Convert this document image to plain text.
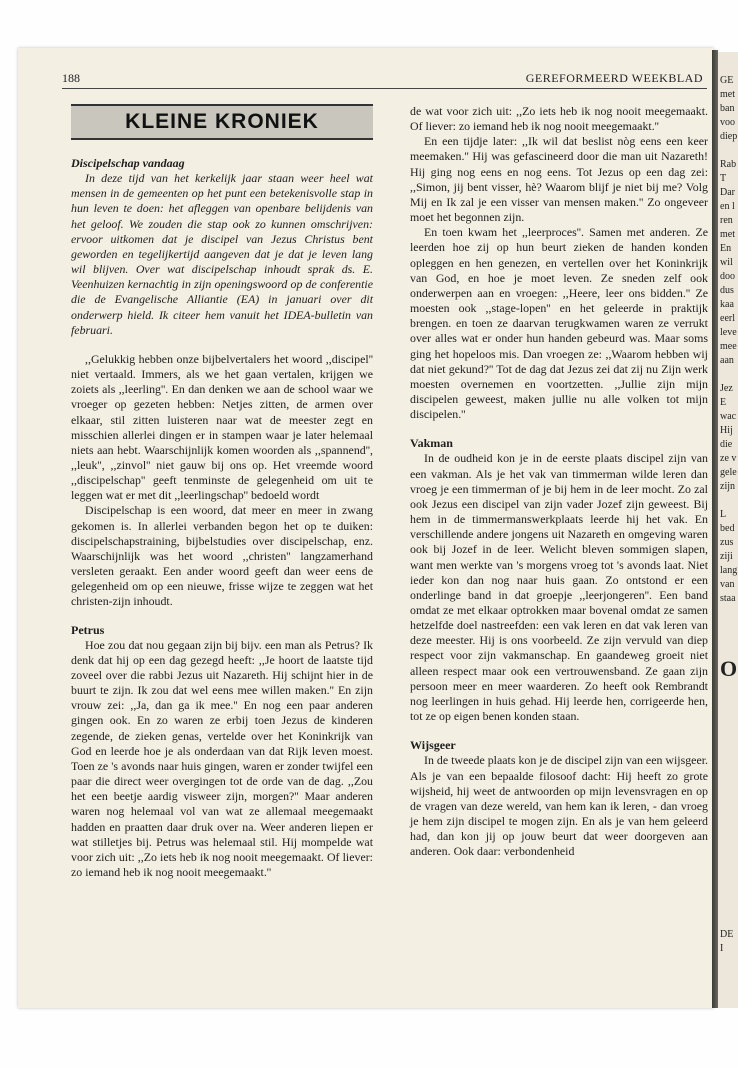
GE
met
ban
voo
diep
Rab
T
Dar
en l
ren
met
En
wil
doo
dus
kaa
eerl
leve
mee
aan
Jez
E
wac
Hij
die
ze v
gele
zijn
L
bed
zus
ziji
lang
van
staa
O
DE
I
188	GEREFORMEERD WEEKBLAD
KLEINE KRONIEK
Discipelschap vandaag

In deze tijd van het kerkelijk jaar staan weer heel wat mensen in de gemeenten op het punt een betekenisvolle stap in hun leven te doen: het afleggen van openbare belijdenis van het geloof. We zouden die stap ook zo kunnen omschrijven: ervoor uitkomen dat je discipel van Jezus Christus bent geworden en tegelijkertijd aangeven dat je dat je leven lang wil blijven. Over wat discipelschap inhoudt sprak ds. E. Veenhuizen kernachtig in zijn openingswoord op de conferentie die de Evangelische Alliantie (EA) in januari over dit onderwerp hield. Ik citeer hem vanuit het IDEA-bulletin van februari.

,,Gelukkig hebben onze bijbelvertalers het woord ,,discipel'' niet vertaald. Immers, als we het gaan vertalen, krijgen we zoiets als ,,leerling''. En dan denken we aan de school waar we vroeger op gezeten hebben: Netjes zitten, de armen over elkaar, stil zitten luisteren naar wat de meester zegt en misschien allerlei dingen er in stampen waar je later helemaal niets aan hebt. Waarschijnlijk komen woorden als ,,spannend'', ,,leuk'', ,,zinvol'' niet gauw bij ons op. Het vreemde woord ,,discipelschap'' geeft tenminste de gelegenheid om uit te leggen wat er met dit ,,leerlingschap'' bedoeld wordt

Discipelschap is een woord, dat meer en meer in zwang gekomen is. In allerlei verbanden begon het op te duiken: discipelschapstraining, bijbelstudies over discipelschap, enz. Waarschijnlijk was het woord ,,christen'' langzamerhand versleten geraakt. Een ander woord geeft dan weer eens de gelegenheid om op een nieuwe, frisse wijze te zeggen wat het christen-zijn inhoudt.

Petrus

Hoe zou dat nou gegaan zijn bij bijv. een man als Petrus? Ik denk dat hij op een dag gezegd heeft: ,,Je hoort de laatste tijd zoveel over die rabbi Jezus uit Nazareth. Hij schijnt hier in de buurt te zijn. Ik zou dat wel eens mee willen maken.'' En zijn vrouw zei: ,,Ja, dan ga ik mee.'' En nog een paar anderen gingen ook. En zo waren ze erbij toen Jezus de kinderen zegende, de zieken genas, vertelde over het Koninkrijk van God en leerde hoe je als onderdaan van dat Rijk leven moest. Toen ze 's avonds naar huis gingen, waren er zonder twijfel een paar die direct weer overgingen tot de orde van de dag. ,,Zou het een beetje aardig visweer zijn, morgen?'' Maar anderen waren nog helemaal vol van wat ze allemaal meegemaakt hadden en praatten daar druk over na. Weer anderen liepen er wat stilletjes bij. Petrus was helemaal stil. Hij mompelde wat voor zich uit: ,,Zo iets heb ik nog nooit meegemaakt. Of liever: zo iemand heb ik nog nooit meegemaakt.''

de wat voor zich uit: ,,Zo iets heb ik nog nooit meegemaakt. Of liever: zo iemand heb ik nog nooit meegemaakt.''

En een tijdje later: ,,Ik wil dat beslist nòg eens een keer meemaken.'' Hij was gefascineerd door die man uit Nazareth! Hij ging nog eens en nog eens. Tot Jezus op een dag zei: ,,Simon, jij bent visser, hè? Waarom blijf je niet bij me? Volg Mij en Ik zal je een visser van mensen maken.'' Zo ongeveer moet het begonnen zijn.

En toen kwam het ,,leerproces''. Samen met anderen. Ze leerden hoe zij op hun beurt zieken de handen konden opleggen en hen genezen, en vertellen over het Koninkrijk van God, en hoe je moet leven. Ze sneden zelf ook onderwerpen aan en vroegen: ,,Heere, leer ons bidden.'' Ze moesten ook ,,stage-lopen'' en het geleerde in praktijk brengen. en toen ze daarvan terugkwamen waren ze verrukt over alles wat er onder hun handen gebeurd was. Maar soms ging het hopeloos mis. Dan vroegen ze: ,,Waarom hebben wij dat niet gekund?'' Tot de dag dat Jezus zei dat zij nu Zijn werk moesten overnemen en voortzetten. ,,Jullie zijn mijn discipelen geweest, maken jullie nu alle volken tot mijn discipelen.''

Vakman

In de oudheid kon je in de eerste plaats discipel zijn van een vakman. Als je het vak van timmerman wilde leren dan vroeg je een timmerman of je bij hem in de leer mocht. Zo zal ook Jezus een discipel van zijn vader Jozef zijn geweest. Bij hem in de timmermanswerkplaats leerde hij het vak. En verschillende andere jongens uit Nazareth en omgeving waren ook bij Jozef in de leer. Welicht bleven sommigen slapen, want men werkte van 's morgens vroeg tot 's avonds laat. Niet ieder kon dan nog naar huis gaan. Zo ontstond er een onderlinge band in dat groepje ,,leerjongeren''. Een band omdat ze met elkaar optrokken maar bovenal omdat ze samen hetzelfde doel nastreefden: een vak leren en dat vak leren van deze meester. Hij is ons voorbeeld. Ze zijn vervuld van diep respect voor zijn vakmanschap. En gaandeweg groeit niet alleen respect maar ook een vertrouwensband. Ze gaan zijn persoon meer en meer waarderen. Zo heeft ook Rembrandt nog leerlingen in huis gehad. Hij leerde hen, corrigeerde hen, tot ze op eigen benen konden staan.

Wijsgeer

In de tweede plaats kon je de discipel zijn van een wijsgeer. Als je van een bepaalde filosoof dacht: Hij heeft zo grote wijsheid, hij weet de antwoorden op mijn levensvragen en op de vragen van deze wereld, van hem kan ik leren, - dan vroeg je hem zijn discipel te mogen zijn. En als je van hem geleerd had, dan kon jij op jouw beurt dat weer doorgeven aan anderen. Ook daar: verbondenheid
